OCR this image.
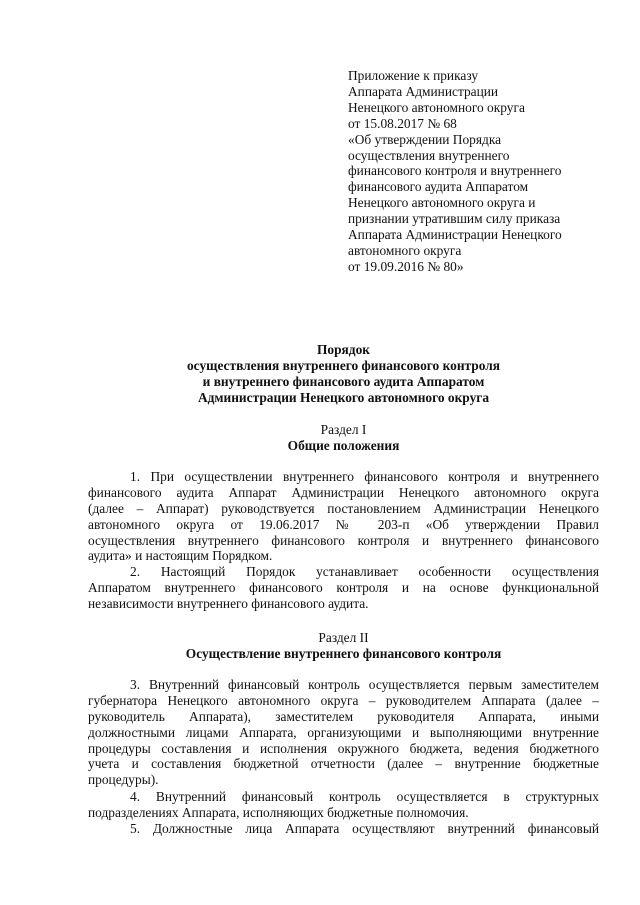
Приложение к приказу
Аппарата Администрации
Ненецкого автономного округа
от 15.08.2017 № 68
«Об утверждении Порядка
осуществления внутреннего
финансового контроля и внутреннего
финансового аудита Аппаратом
Ненецкого автономного округа и
признании утратившим силу приказа
Аппарата Администрации Ненецкого
автономного округа
от 19.09.2016 № 80»
Порядок
осуществления внутреннего финансового контроля
и внутреннего финансового аудита Аппаратом
Администрации Ненецкого автономного округа
Раздел I
Общие положения
1. При осуществлении внутреннего финансового контроля и внутреннего
финансового аудита Аппарат Администрации Ненецкого автономного округа
(далее – Аппарат) руководствуется постановлением Администрации Ненецкого
автономного округа от 19.06.2017 № 203-п «Об утверждении Правил
осуществления внутреннего финансового контроля и внутреннего финансового
аудита» и настоящим Порядком.
2. Настоящий Порядок устанавливает особенности осуществления
Аппаратом внутреннего финансового контроля и на основе функциональной
независимости внутреннего финансового аудита.
Раздел II
Осуществление внутреннего финансового контроля
3. Внутренний финансовый контроль осуществляется первым заместителем
губернатора Ненецкого автономного округа – руководителем Аппарата (далее –
руководитель Аппарата), заместителем руководителя Аппарата, иными
должностными лицами Аппарата, организующими и выполняющими внутренние
процедуры составления и исполнения окружного бюджета, ведения бюджетного
учета и составления бюджетной отчетности (далее – внутренние бюджетные
процедуры).
4. Внутренний финансовый контроль осуществляется в структурных
подразделениях Аппарата, исполняющих бюджетные полномочия.
5. Должностные лица Аппарата осуществляют внутренний финансовый
